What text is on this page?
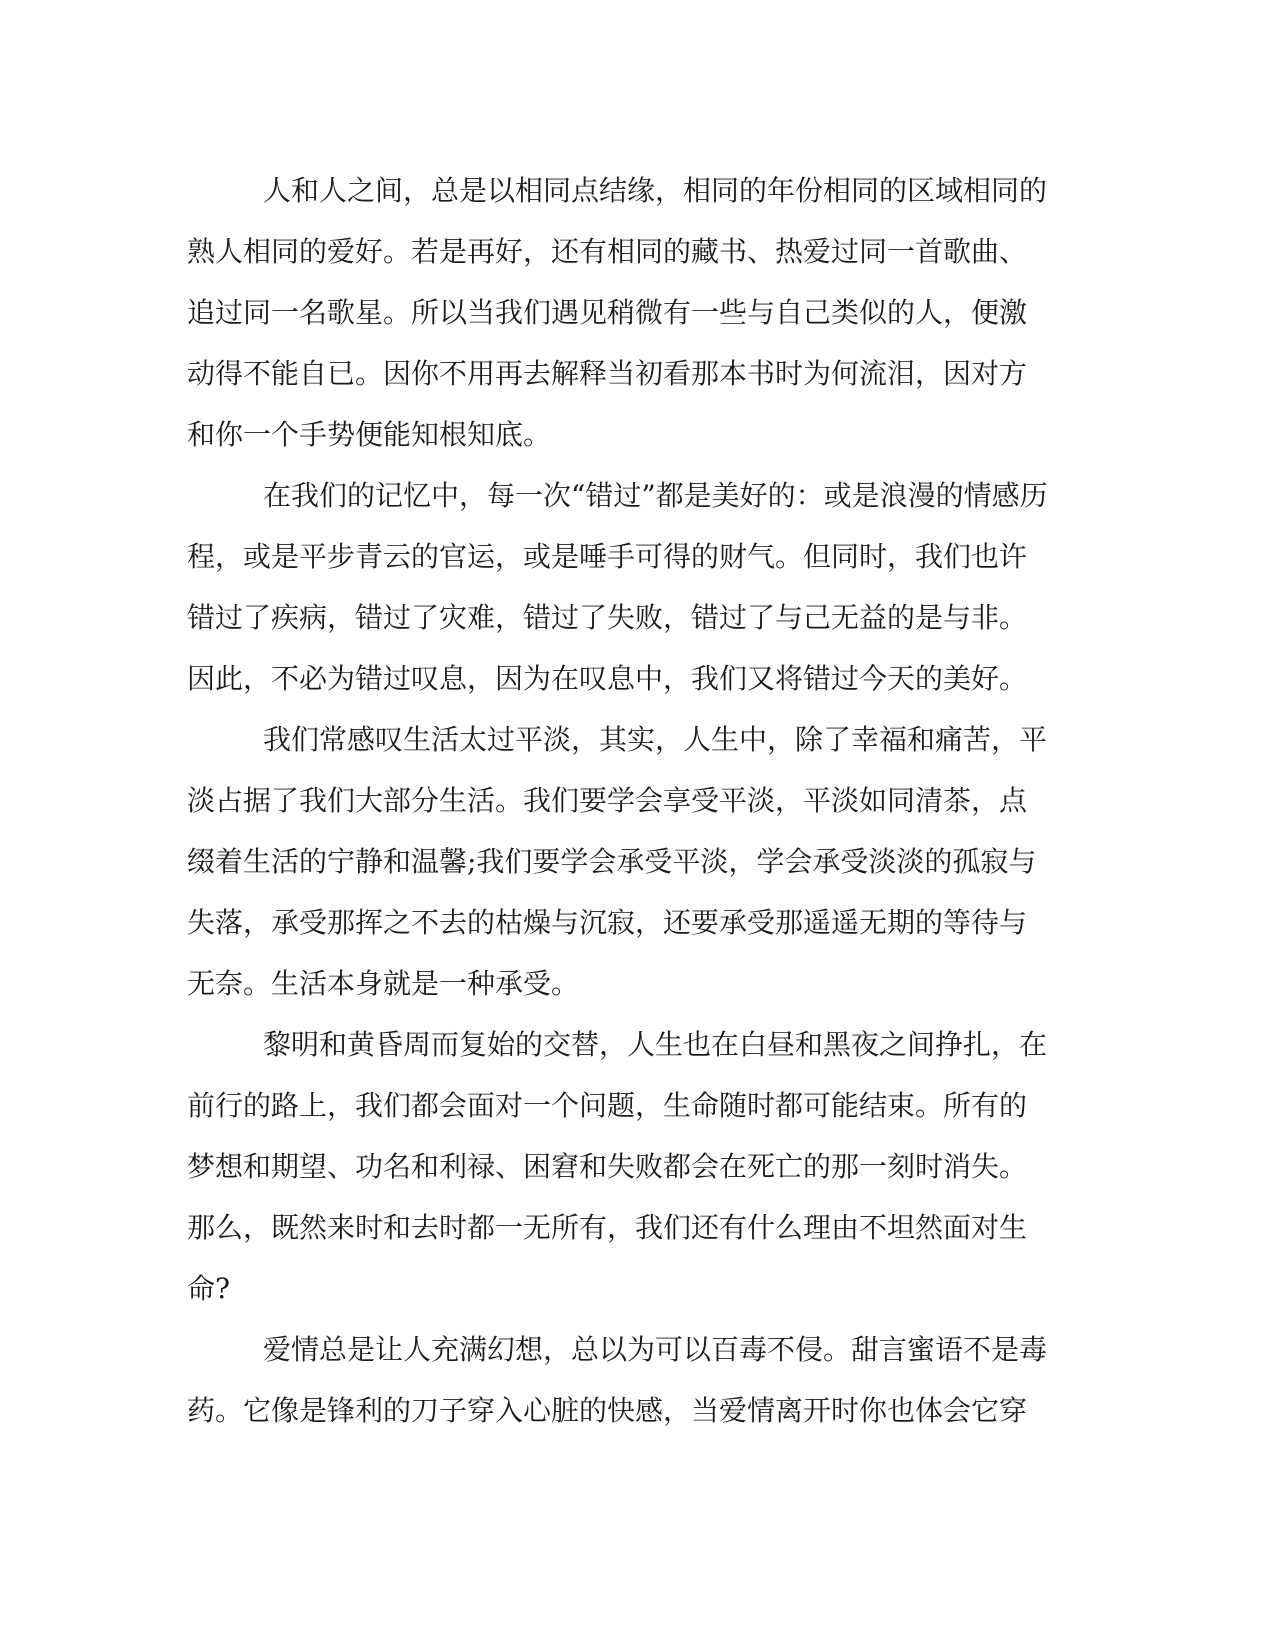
人和人之间，总是以相同点结缘，相同的年份相同的区域相同的

熟人相同的爱好。若是再好，还有相同的藏书、热爱过同一首歌曲、

追过同一名歌星。所以当我们遇见稍微有一些与自己类似的人，便激

动得不能自已。因你不用再去解释当初看那本书时为何流泪，因对方

和你一个手势便能知根知底。

在我们的记忆中，每一次“错过”都是美好的：或是浪漫的情感历

程，或是平步青云的官运，或是唾手可得的财气。但同时，我们也许

错过了疾病，错过了灾难，错过了失败，错过了与己无益的是与非。

因此，不必为错过叹息，因为在叹息中，我们又将错过今天的美好。

我们常感叹生活太过平淡，其实，人生中，除了幸福和痛苦，平

淡占据了我们大部分生活。我们要学会享受平淡，平淡如同清茶，点

缀着生活的宁静和温馨;我们要学会承受平淡，学会承受淡淡的孤寂与

失落，承受那挥之不去的枯燥与沉寂，还要承受那遥遥无期的等待与

无奈。生活本身就是一种承受。

黎明和黄昏周而复始的交替，人生也在白昼和黑夜之间挣扎，在

前行的路上，我们都会面对一个问题，生命随时都可能结束。所有的

梦想和期望、功名和利禄、困窘和失败都会在死亡的那一刻时消失。

那么，既然来时和去时都一无所有，我们还有什么理由不坦然面对生

命?

爱情总是让人充满幻想，总以为可以百毒不侵。甜言蜜语不是毒

药。它像是锋利的刀子穿入心脏的快感，当爱情离开时你也体会它穿
